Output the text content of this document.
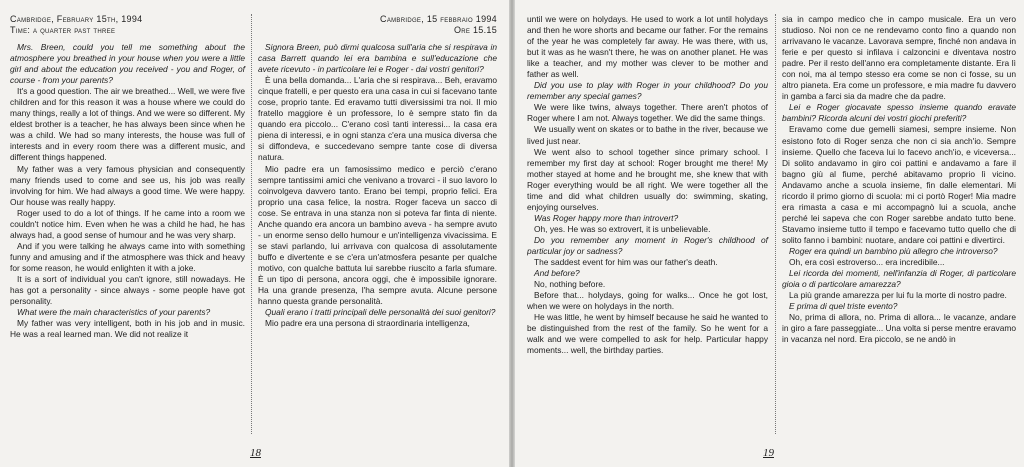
Cambridge, February 15th, 1994
Time: a quarter past three

Mrs. Breen, could you tell me something about the atmosphere you breathed in your house when you were a little girl and about the education you received - you and Roger, of course - from your parents?

It's a good question. The air we breathed... Well, we were five children and for this reason it was a house where we could do many things, really a lot of things. And we were so different. My eldest brother is a teacher, he has always been since when he was a child. We had so many interests, the house was full of interests and in every room there was a different music, and different things happened.

My father was a very famous physician and consequently many friends used to come and see us, his job was really involving for him. We had always a good time. We were happy. Our house was really happy.

Roger used to do a lot of things. If he came into a room we couldn't notice him. Even when he was a child he had, he has always had, a good sense of humour and he was very sharp.

And if you were talking he always came into with something funny and amusing and if the atmosphere was thick and heavy for some reason, he would enlighten it with a joke.

It is a sort of individual you can't ignore, still nowadays. He has got a personality - since always - some people have got personality.

What were the main characteristics of your parents?

My father was very intelligent, both in his job and in music. He was a real learned man. We did not realize it

Cambridge, 15 febbraio 1994
Ore 15.15

Signora Breen, può dirmi qualcosa sull'aria che si respirava in casa Barrett quando lei era bambina e sull'educazione che avete ricevuto - in particolare lei e Roger - dai vostri genitori?

È una bella domanda... L'aria che si respirava... Beh, eravamo cinque fratelli, e per questo era una casa in cui si facevano tante cose, proprio tante. Ed eravamo tutti diversissimi tra noi. Il mio fratello maggiore è un professore, lo è sempre stato fin da quando era piccolo... C'erano così tanti interessi... la casa era piena di interessi, e in ogni stanza c'era una musica diversa che si diffondeva, e succedevano sempre tante cose di diversa natura.

Mio padre era un famosissimo medico e perciò c'erano sempre tantissimi amici che venivano a trovarci - il suo lavoro lo coinvolgeva davvero tanto. Erano bei tempi, proprio felici. Era proprio una casa felice, la nostra. Roger faceva un sacco di cose. Se entrava in una stanza non si poteva far finta di niente. Anche quando era ancora un bambino aveva - ha sempre avuto - un enorme senso dello humour e un'intelligenza vivacissima. E se stavi parlando, lui arrivava con qualcosa di assolutamente buffo e divertente e se c'era un'atmosfera pesante per qualche motivo, con qualche battuta lui sarebbe riuscito a farla sfumare. È un tipo di persona, ancora oggi, che è impossibile ignorare. Ha una grande presenza, l'ha sempre avuta. Alcune persone hanno questa grande personalità.

Quali erano i tratti principali delle personalità dei suoi genitori?

Mio padre era una persona di straordinaria intelligenza,

18

until we were on holydays. He used to work a lot until holydays and then he wore shorts and became our father. For the remains of the year he was completely far away. He was there, with us, but it was as he wasn't there, he was on another planet. He was like a teacher, and my mother was clever to be mother and father as well.

Did you use to play with Roger in your childhood? Do you remember any special games?

We were like twins, always together. There aren't photos of Roger where I am not. Always together. We did the same things.

We usually went on skates or to bathe in the river, because we lived just near.

We went also to school together since primary school. I remember my first day at school: Roger brought me there! My mother stayed at home and he brought me, she knew that with Roger everything would be all right. We were together all the time and did what children usually do: swimming, skating, enjoying ourselves.

Was Roger happy more than introvert?

Oh, yes. He was so extrovert, it is unbelievable.

Do you remember any moment in Roger's childhood of particular joy or sadness?

The saddest event for him was our father's death.

And before?

No, nothing before.

Before that... holydays, going for walks... Once he got lost, when we were on holydays in the north.

He was little, he went by himself because he said he wanted to be distinguished from the rest of the family. So he went for a walk and we were compelled to ask for help. Particular happy moments... well, the birthday parties.

sia in campo medico che in campo musicale. Era un vero studioso. Noi non ce ne rendevamo conto fino a quando non arrivavano le vacanze. Lavorava sempre, finché non andava in ferie e per questo si infilava i calzoncini e diventava nostro padre. Per il resto dell'anno era completamente distante. Era lì con noi, ma al tempo stesso era come se non ci fosse, su un altro pianeta. Era come un professore, e mia madre fu davvero in gamba a farci sia da madre che da padre.

Lei e Roger giocavate spesso insieme quando eravate bambini? Ricorda alcuni dei vostri giochi preferiti?

Eravamo come due gemelli siamesi, sempre insieme. Non esistono foto di Roger senza che non ci sia anch'io. Sempre insieme. Quello che faceva lui lo facevo anch'io, e viceversa... Di solito andavamo in giro coi pattini e andavamo a fare il bagno giù al fiume, perché abitavamo proprio lì vicino. Andavamo anche a scuola insieme, fin dalle elementari. Mi ricordo il primo giorno di scuola: mi ci portò Roger! Mia madre era rimasta a casa e mi accompagnò lui a scuola, anche perché lei sapeva che con Roger sarebbe andato tutto bene. Stavamo insieme tutto il tempo e facevamo tutto quello che di solito fanno i bambini: nuotare, andare coi pattini e divertirci.

Roger era quindi un bambino più allegro che introverso?

Oh, era così estroverso... era incredibile...

Lei ricorda dei momenti, nell'infanzia di Roger, di particolare gioia o di particolare amarezza?

La più grande amarezza per lui fu la morte di nostro padre.

E prima di quel triste evento?

No, prima di allora, no. Prima di allora... le vacanze, andare in giro a fare passeggiate... Una volta si perse mentre eravamo in vacanza nel nord. Era piccolo, se ne andò in

19
